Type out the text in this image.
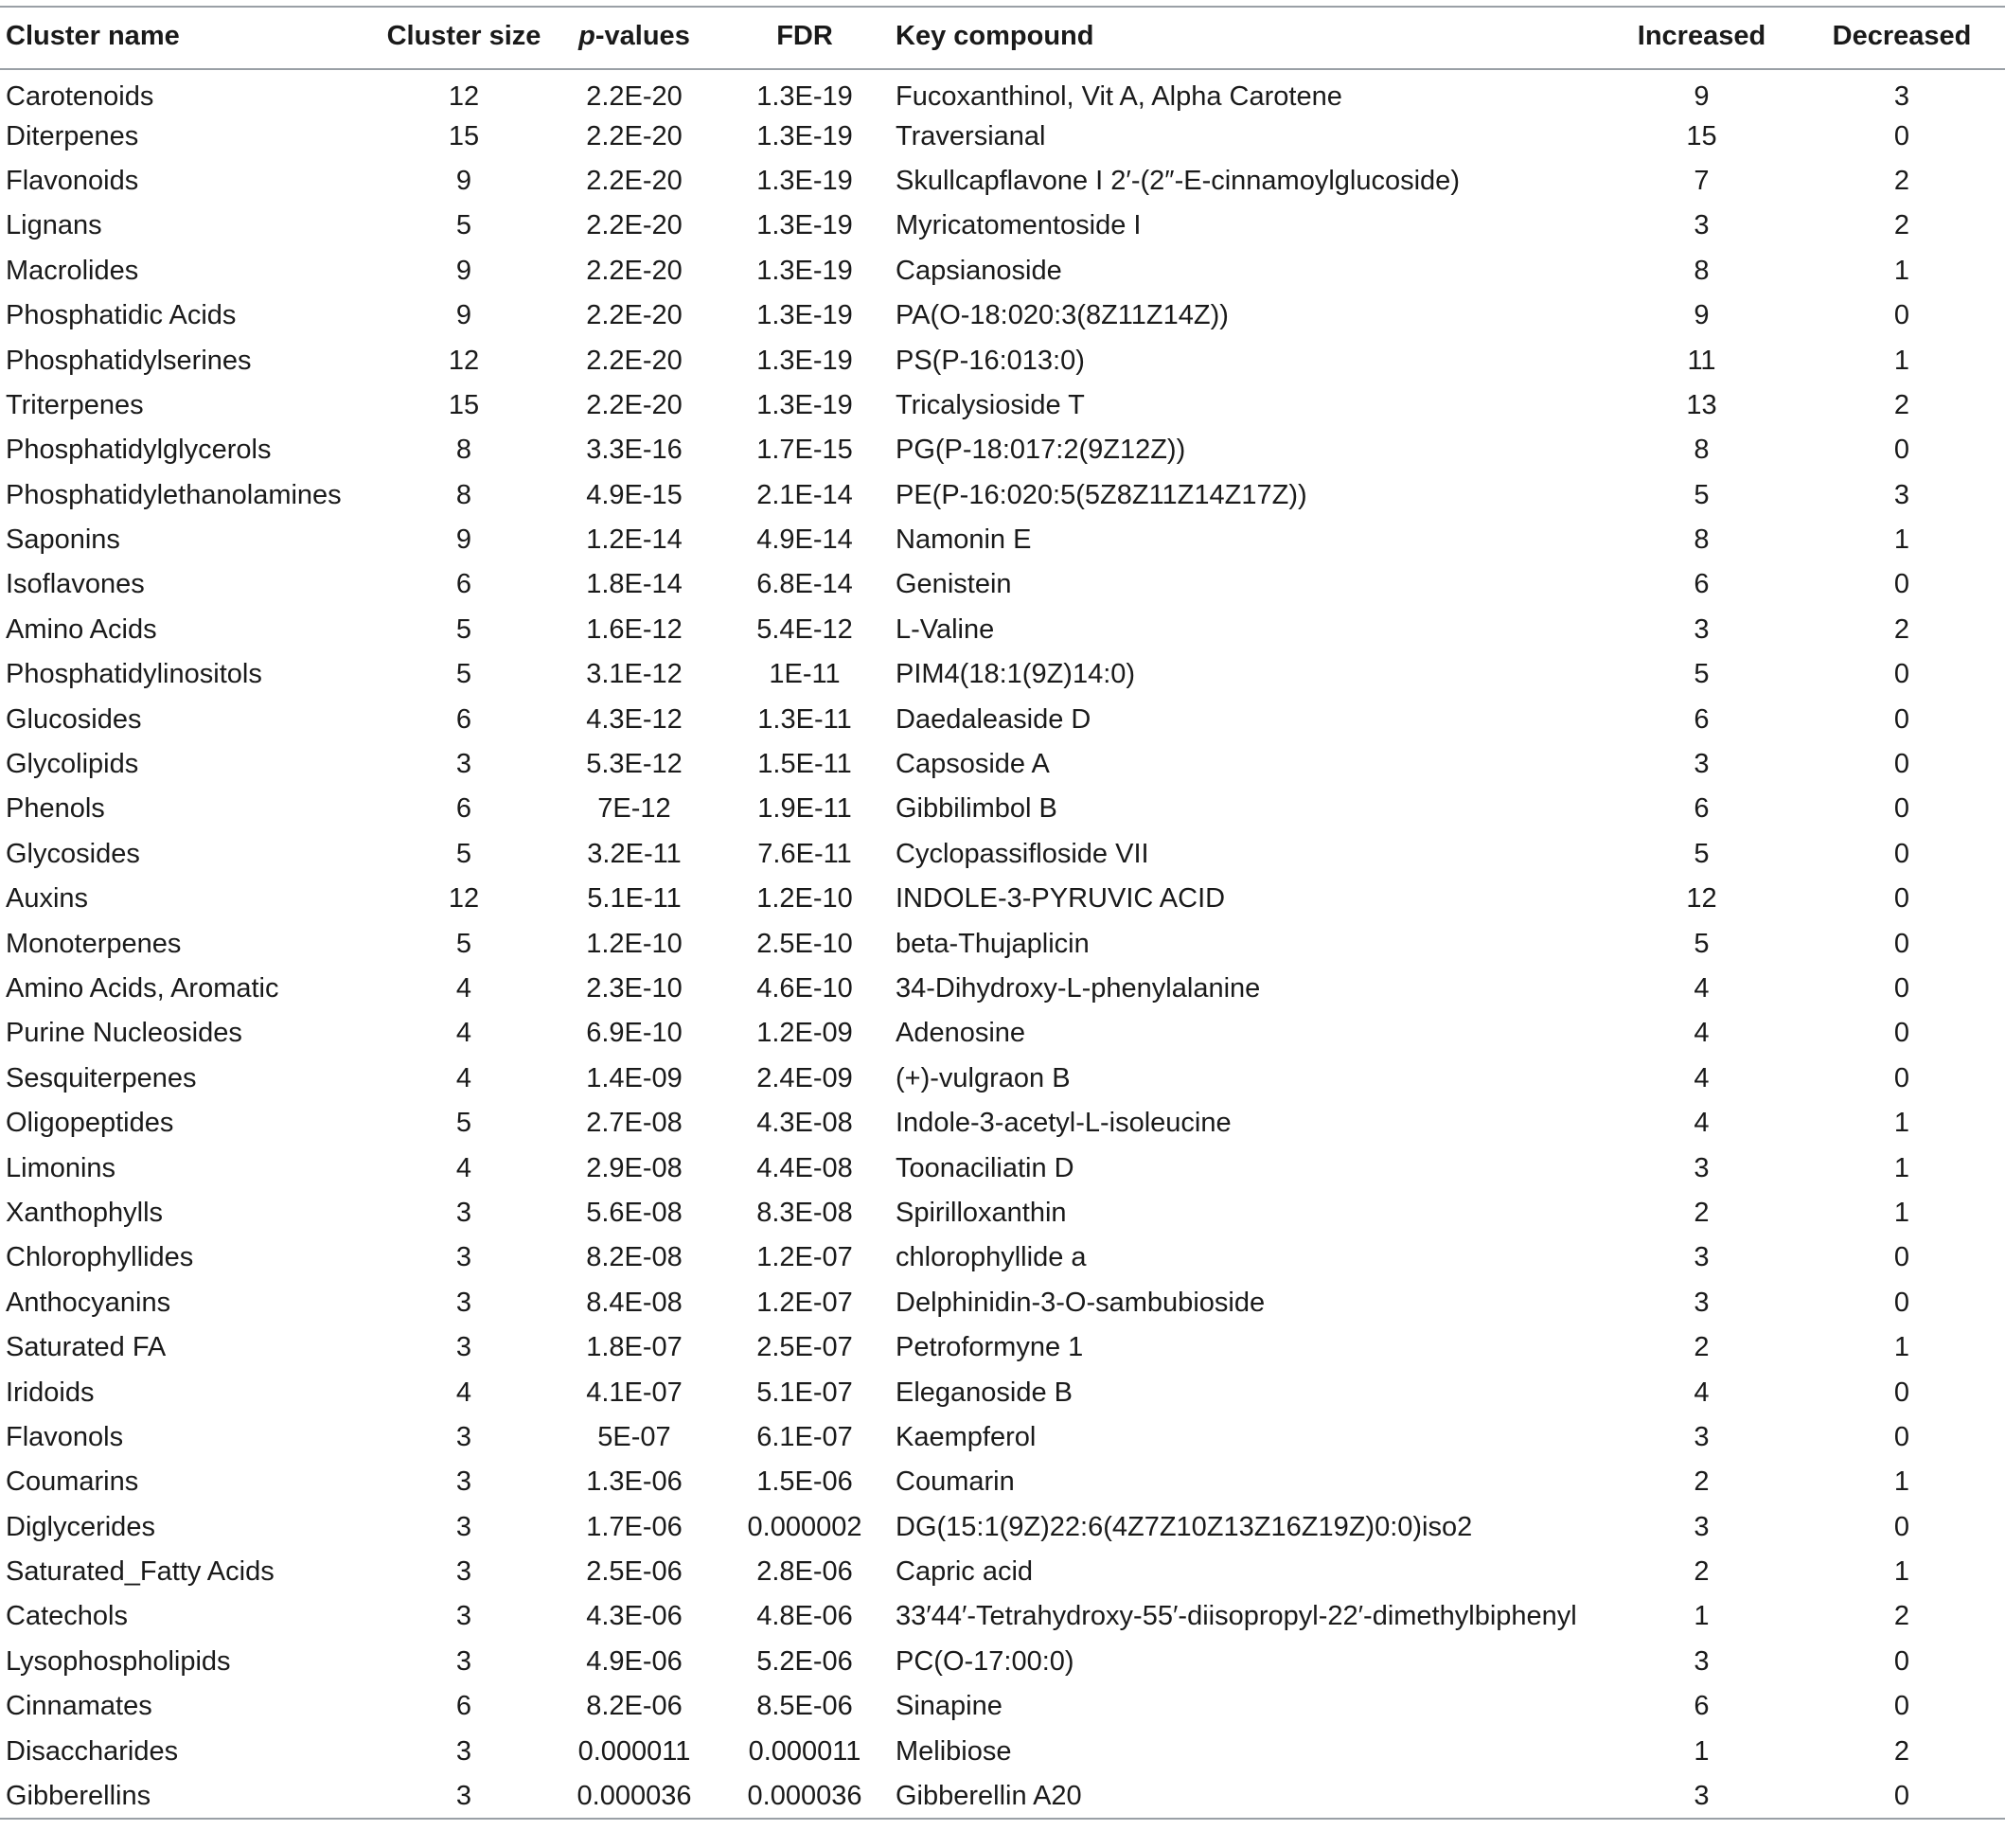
Cluster name	Cluster size	p-values	FDR	Key compound	Increased	Decreased
Carotenoids	12	2.2E-20	1.3E-19	Fucoxanthinol, Vit A, Alpha Carotene	9	3
Diterpenes	15	2.2E-20	1.3E-19	Traversianal	15	0
Flavonoids	9	2.2E-20	1.3E-19	Skullcapflavone I 2′-(2″-E-cinnamoylglucoside)	7	2
Lignans	5	2.2E-20	1.3E-19	Myricatomentoside I	3	2
Macrolides	9	2.2E-20	1.3E-19	Capsianoside	8	1
Phosphatidic Acids	9	2.2E-20	1.3E-19	PA(O-18:020:3(8Z11Z14Z))	9	0
Phosphatidylserines	12	2.2E-20	1.3E-19	PS(P-16:013:0)	11	1
Triterpenes	15	2.2E-20	1.3E-19	Tricalysioside T	13	2
Phosphatidylglycerols	8	3.3E-16	1.7E-15	PG(P-18:017:2(9Z12Z))	8	0
Phosphatidylethanolamines	8	4.9E-15	2.1E-14	PE(P-16:020:5(5Z8Z11Z14Z17Z))	5	3
Saponins	9	1.2E-14	4.9E-14	Namonin E	8	1
Isoflavones	6	1.8E-14	6.8E-14	Genistein	6	0
Amino Acids	5	1.6E-12	5.4E-12	L-Valine	3	2
Phosphatidylinositols	5	3.1E-12	1E-11	PIM4(18:1(9Z)14:0)	5	0
Glucosides	6	4.3E-12	1.3E-11	Daedaleaside D	6	0
Glycolipids	3	5.3E-12	1.5E-11	Capsoside A	3	0
Phenols	6	7E-12	1.9E-11	Gibbilimbol B	6	0
Glycosides	5	3.2E-11	7.6E-11	Cyclopassifloside VII	5	0
Auxins	12	5.1E-11	1.2E-10	INDOLE-3-PYRUVIC ACID	12	0
Monoterpenes	5	1.2E-10	2.5E-10	beta-Thujaplicin	5	0
Amino Acids, Aromatic	4	2.3E-10	4.6E-10	34-Dihydroxy-L-phenylalanine	4	0
Purine Nucleosides	4	6.9E-10	1.2E-09	Adenosine	4	0
Sesquiterpenes	4	1.4E-09	2.4E-09	(+)-vulgraon B	4	0
Oligopeptides	5	2.7E-08	4.3E-08	Indole-3-acetyl-L-isoleucine	4	1
Limonins	4	2.9E-08	4.4E-08	Toonaciliatin D	3	1
Xanthophylls	3	5.6E-08	8.3E-08	Spirilloxanthin	2	1
Chlorophyllides	3	8.2E-08	1.2E-07	chlorophyllide a	3	0
Anthocyanins	3	8.4E-08	1.2E-07	Delphinidin-3-O-sambubioside	3	0
Saturated FA	3	1.8E-07	2.5E-07	Petroformyne 1	2	1
Iridoids	4	4.1E-07	5.1E-07	Eleganoside B	4	0
Flavonols	3	5E-07	6.1E-07	Kaempferol	3	0
Coumarins	3	1.3E-06	1.5E-06	Coumarin	2	1
Diglycerides	3	1.7E-06	0.000002	DG(15:1(9Z)22:6(4Z7Z10Z13Z16Z19Z)0:0)iso2	3	0
Saturated_Fatty Acids	3	2.5E-06	2.8E-06	Capric acid	2	1
Catechols	3	4.3E-06	4.8E-06	33′44′-Tetrahydroxy-55′-diisopropyl-22′-dimethylbiphenyl	1	2
Lysophospholipids	3	4.9E-06	5.2E-06	PC(O-17:00:0)	3	0
Cinnamates	6	8.2E-06	8.5E-06	Sinapine	6	0
Disaccharides	3	0.000011	0.000011	Melibiose	1	2
Gibberellins	3	0.000036	0.000036	Gibberellin A20	3	0
